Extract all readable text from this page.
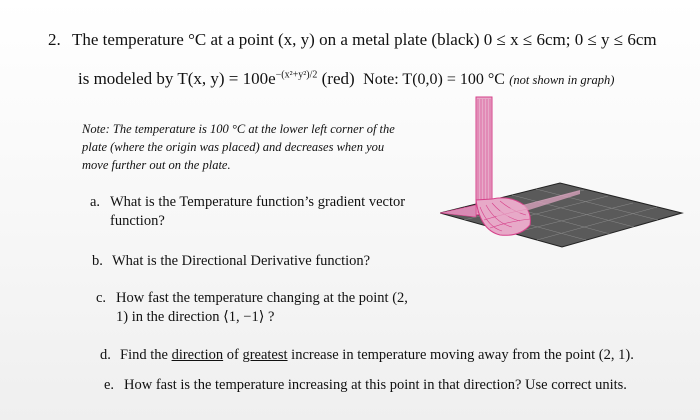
2. The temperature °C at a point (x, y) on a metal plate (black) 0 ≤ x ≤ 6cm; 0 ≤ y ≤ 6cm
is modeled by T(x, $y) = 100e^{-(x^2+y^2)/2}$ (red) Note: T(0,0) = 100 °C (not shown in graph)
Note: The temperature is 100 °C at the lower left corner of the plate (where the origin was placed) and decreases when you move further out on the plate.
a. What is the Temperature function’s gradient vector function?
b. What is the Directional Derivative function?
c. How fast the temperature changing at the point (2, 1) in the direction ⟨1, −1⟩ ?
d. Find the direction of greatest increase in temperature moving away from the point (2, 1).
e. How fast is the temperature increasing at this point in that direction? Use correct units.
